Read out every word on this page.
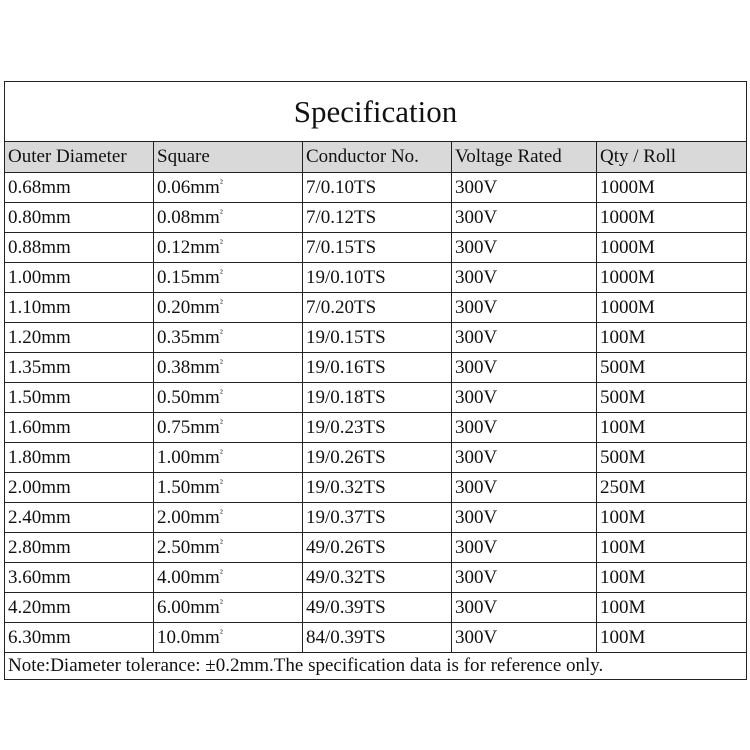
Specification				
Outer Diameter	Square	Conductor No.	Voltage Rated	Qty / Roll
0.68mm	$0.06mm^{^2}$	7/0.10TS	300V	1000M
0.80mm	$0.08mm^{^2}$	7/0.12TS	300V	1000M
0.88mm	$0.12mm^{^2}$	7/0.15TS	300V	1000M
1.00mm	$0.15mm^{^2}$	19/0.10TS	300V	1000M
1.10mm	$0.20mm^{^2}$	7/0.20TS	300V	1000M
1.20mm	$0.35mm^{^2}$	19/0.15TS	300V	100M
1.35mm	$0.38mm^{^2}$	19/0.16TS	300V	500M
1.50mm	$0.50mm^{^2}$	19/0.18TS	300V	500M
1.60mm	$0.75mm^{^2}$	19/0.23TS	300V	100M
1.80mm	$1.00mm^{^2}$	19/0.26TS	300V	500M
2.00mm	$1.50mm^{^2}$	19/0.32TS	300V	250M
2.40mm	$2.00mm^{^2}$	19/0.37TS	300V	100M
2.80mm	$2.50mm^{^2}$	49/0.26TS	300V	100M
3.60mm	$4.00mm^{^2}$	49/0.32TS	300V	100M
4.20mm	$6.00mm^{^2}$	49/0.39TS	300V	100M
6.30mm	$10.0mm^{^2}$	84/0.39TS	300V	100M
Note:Diameter tolerance: ±0.2mm.The specification data is for reference only.				
